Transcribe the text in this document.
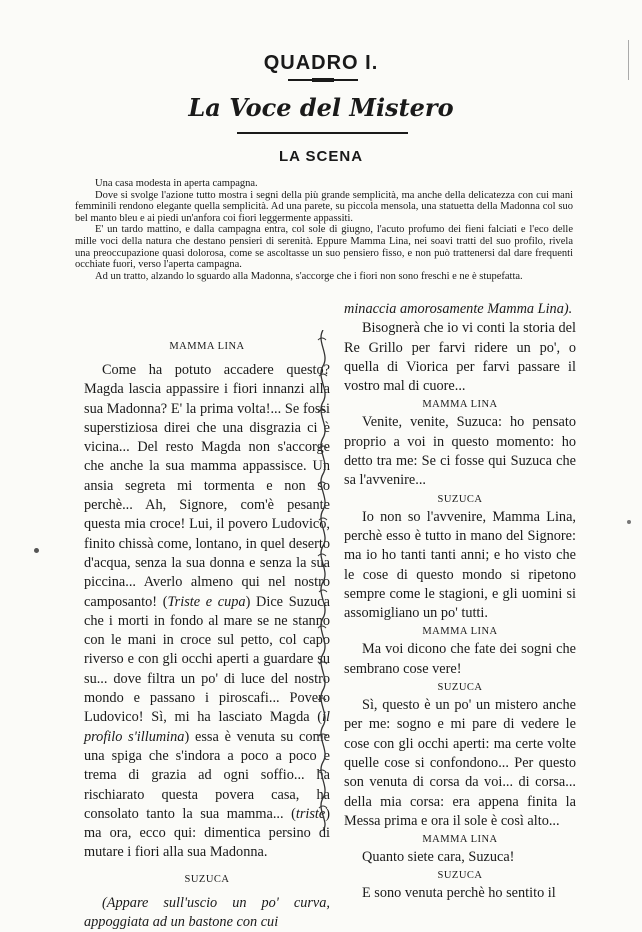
QUADRO I.
La Voce del Mistero
LA SCENA

Una casa modesta in aperta campagna.

Dove si svolge l'azione tutto mostra i segni della più grande semplicità, ma anche della delicatezza con cui mani femminili rendono elegante quella semplicità. Ad una parete, su piccola mensola, una statuetta della Madonna col suo bel manto bleu e ai piedi un'anfora coi fiori leggermente appassiti.

E' un tardo mattino, e dalla campagna entra, col sole di giugno, l'acuto profumo dei fieni falciati e l'eco delle mille voci della natura che destano pensieri di serenità. Eppure Mamma Lina, nei soavi tratti del suo profilo, rivela una preoccupazione quasi dolorosa, come se ascoltasse un suo pensiero fisso, e non può trattenersi dal dare frequenti occhiate fuori, verso l'aperta campagna.

Ad un tratto, alzando lo sguardo alla Madonna, s'accorge che i fiori non sono freschi e ne è stupefatta.

MAMMA LINA

Come ha potuto accadere questo? Magda lascia appassire i fiori innanzi alla sua Madonna? E' la prima volta!... Se fossi superstiziosa direi che una disgrazia ci è vicina... Del resto Magda non s'accorge che anche la sua mamma appassisce. Un ansia segreta mi tormenta e non so perchè... Ah, Signore, com'è pesante questa mia croce! Lui, il povero Ludovico, finito chissà come, lontano, in quel deserto d'acqua, senza la sua donna e senza la sua piccina... Averlo almeno qui nel nostro camposanto! (Triste e cupa) Dice Suzuca che i morti in fondo al mare se ne stanno con le mani in croce sul petto, col capo riverso e con gli occhi aperti a guardare su su... dove filtra un po' di luce del nostro mondo e passano i piroscafi... Povero Ludovico! Sì, mi ha lasciato Magda (il profilo s'illumina) essa è venuta su come una spiga che s'indora a poco a poco e trema di grazia ad ogni soffio... ha rischiarato questa povera casa, ha consolato tanto la sua mamma... (triste) ma ora, ecco qui: dimentica persino di mutare i fiori alla sua Madonna.

SUZUCA

(Appare sull'uscio un po' curva, appoggiata ad un bastone con cui

minaccia amorosamente Mamma Lina).

Bisognerà che io vi conti la storia del Re Grillo per farvi ridere un po', o quella di Viorica per farvi passare il vostro mal di cuore...

MAMMA LINA

Venite, venite, Suzuca: ho pensato proprio a voi in questo momento: ho detto tra me: Se ci fosse qui Suzuca che sa l'avvenire...

SUZUCA

Io non so l'avvenire, Mamma Lina, perchè esso è tutto in mano del Signore: ma io ho tanti tanti anni; e ho visto che le cose di questo mondo si ripetono sempre come le stagioni, e gli uomini si assomigliano un po' tutti.

MAMMA LINA

Ma voi dicono che fate dei sogni che sembrano cose vere!

SUZUCA

Sì, questo è un po' un mistero anche per me: sogno e mi pare di vedere le cose con gli occhi aperti: ma certe volte quelle cose si confondono... Per questo son venuta di corsa da voi... di corsa... della mia corsa: era appena finita la Messa prima e ora il sole è così alto...

MAMMA LINA

Quanto siete cara, Suzuca!

SUZUCA

E sono venuta perchè ho sentito il
